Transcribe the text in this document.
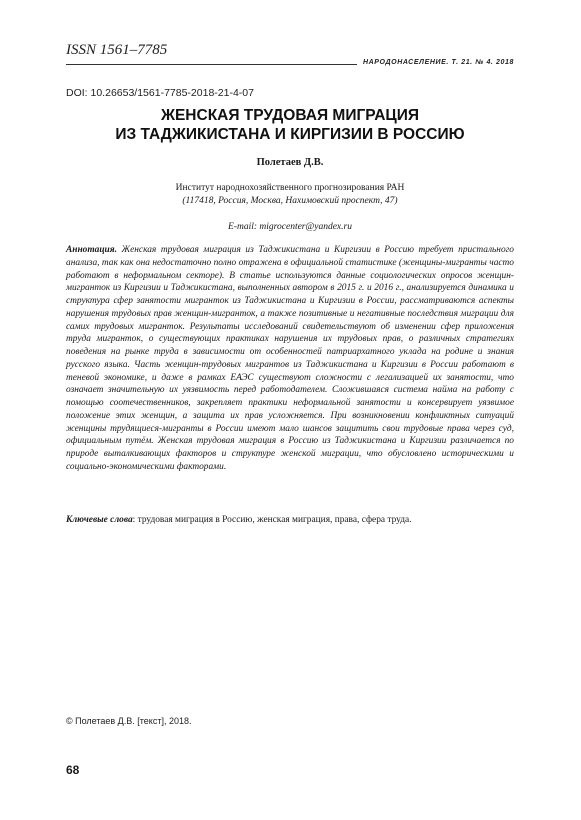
ISSN 1561–7785
НАРОДОНАСЕЛЕНИЕ. Т. 21. № 4. 2018
DOI: 10.26653/1561-7785-2018-21-4-07
ЖЕНСКАЯ ТРУДОВАЯ МИГРАЦИЯ
ИЗ ТАДЖИКИСТАНА И КИРГИЗИИ В РОССИЮ
Полетаев Д.В.
Институт народнохозяйственного прогнозирования РАН
(117418, Россия, Москва, Нахимовский проспект, 47)
E-mail: migrocenter@yandex.ru
Аннотация. Женская трудовая миграция из Таджикистана и Киргизии в Россию требует пристального анализа, так как она недостаточно полно отражена в официальной статистике (женщины-мигранты часто работают в неформальном секторе). В статье используются данные социологических опросов женщин-мигранток из Киргизии и Таджикистана, выполненных автором в 2015 г. и 2016 г., анализируется динамика и структура сфер занятости мигранток из Таджикистана и Киргизии в России, рассматриваются аспекты нарушения трудовых прав женщин-мигранток, а также позитивные и негативные последствия миграции для самих трудовых мигранток. Результаты исследований свидетельствуют об изменении сфер приложения труда мигранток, о существующих практиках нарушения их трудовых прав, о различных стратегиях поведения на рынке труда в зависимости от особенностей патриархатного уклада на родине и знания русского языка. Часть женщин-трудовых мигрантов из Таджикистана и Киргизии в России работают в теневой экономике, и даже в рамках ЕАЭС существуют сложности с легализацией их занятости, что означает значительную их уязвимость перед работодателем. Сложившаяся система найма на работу с помощью соотечественников, закрепляет практики неформальной занятости и консервирует уязвимое положение этих женщин, а защита их прав усложняется. При возникновении конфликтных ситуаций женщины трудящиеся-мигранты в России имеют мало шансов защитить свои трудовые права через суд, официальным путём. Женская трудовая миграция в Россию из Таджикистана и Киргизии различается по природе выталкивающих факторов и структуре женской миграции, что обусловлено историческими и социально-экономическими факторами.
Ключевые слова: трудовая миграция в Россию, женская миграция, права, сфера труда.
© Полетаев Д.В. [текст], 2018.
68
